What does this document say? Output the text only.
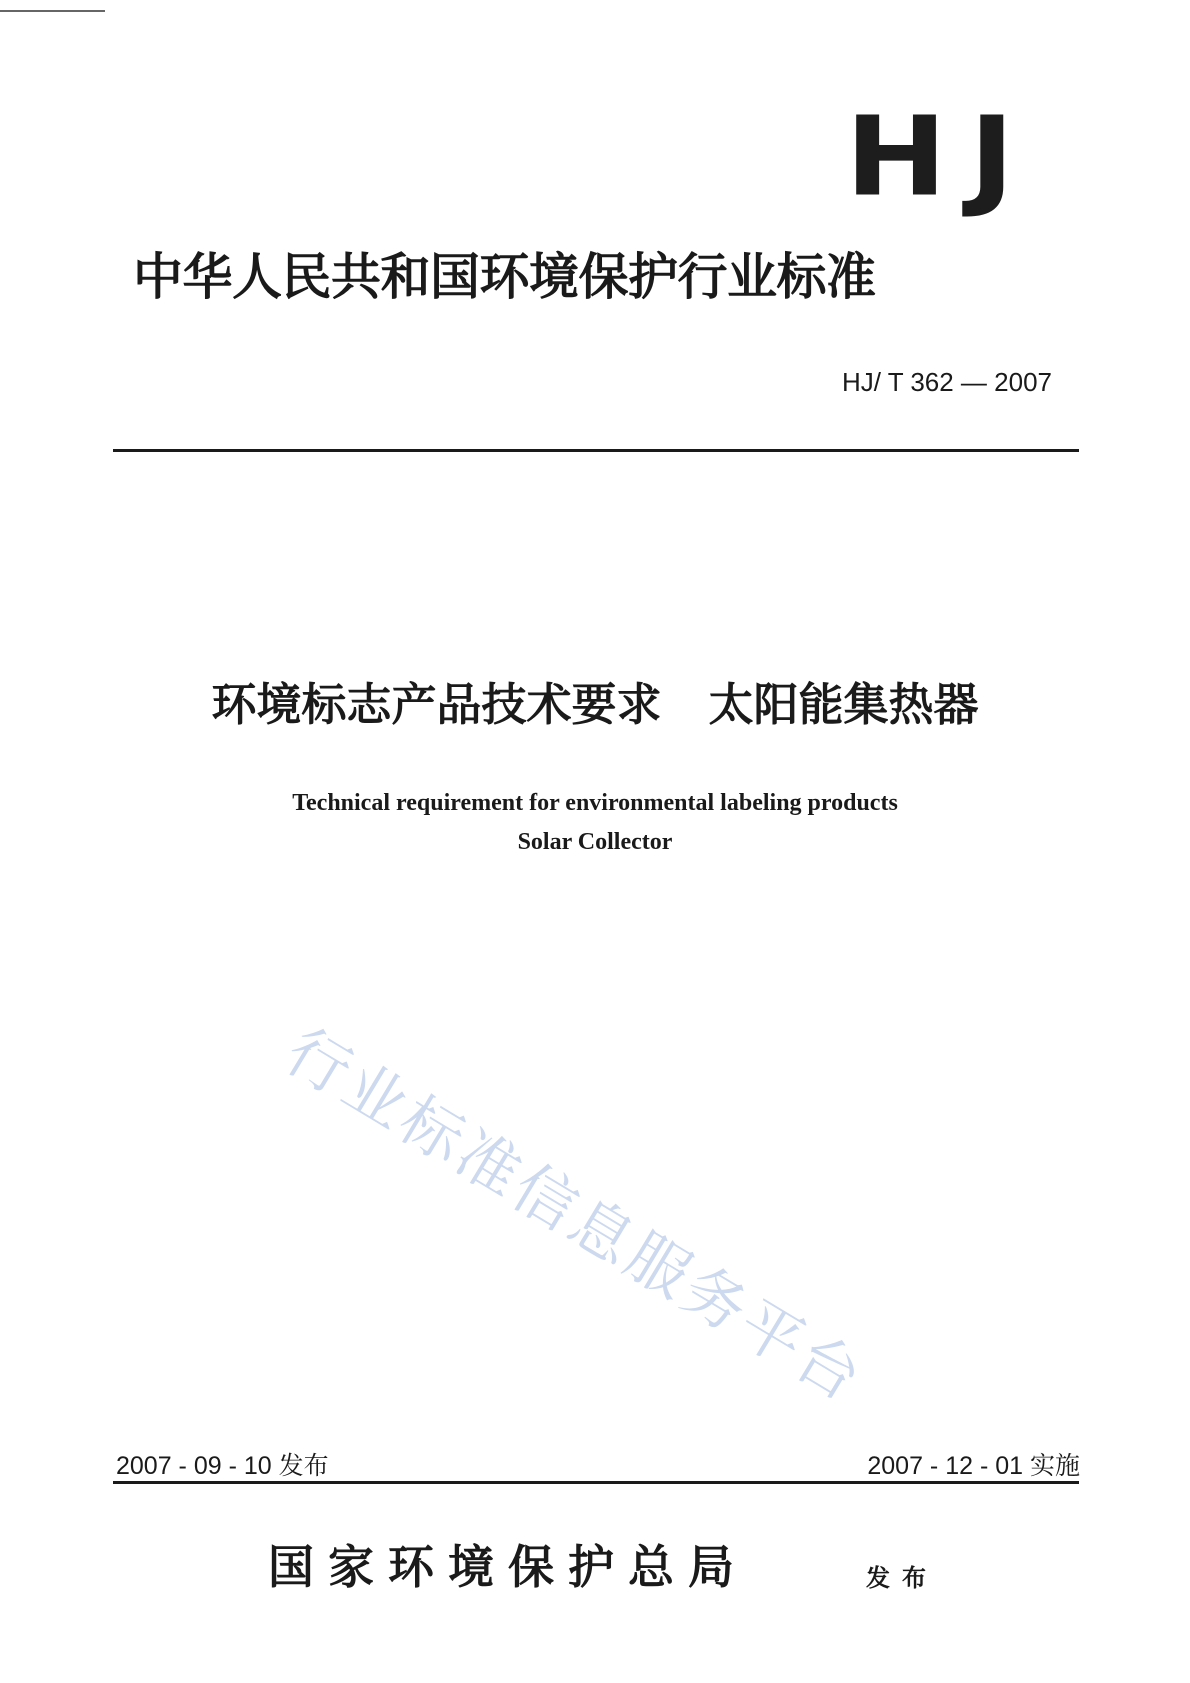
HJ
中华人民共和国环境保护行业标准
HJ/ T 362 — 2007
环境标志产品技术要求   太阳能集热器
Technical requirement for environmental labeling products
Solar Collector
行业标准信息服务平台
2007 - 09 - 10 发布	2007 - 12 - 01 实施
国家环境保护总局	发布
